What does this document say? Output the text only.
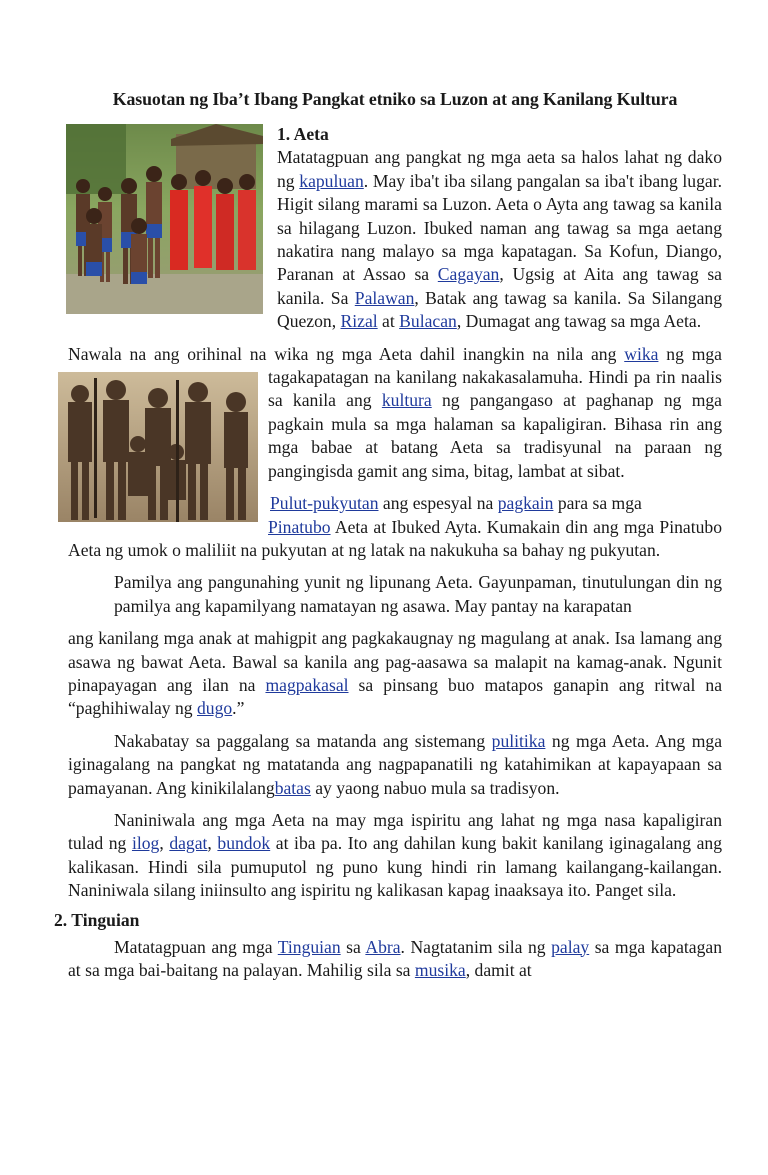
Kasuotan ng Iba’t Ibang Pangkat etniko sa Luzon at ang Kanilang Kultura
1. Aeta

Matatagpuan ang pangkat ng mga aeta sa halos lahat ng dako ng kapuluan. May iba't iba silang pangalan sa iba't ibang lugar. Higit silang marami sa Luzon. Aeta o Ayta ang tawag sa kanila sa hilagang Luzon. Ibuked naman ang tawag sa mga aetang nakatira nang malayo sa mga kapatagan. Sa Kofun, Diango, Paranan at Assao sa Cagayan, Ugsig at Aita ang tawag sa kanila. Sa Palawan, Batak ang tawag sa kanila. Sa Silangang Quezon, Rizal at Bulacan, Dumagat ang tawag sa mga Aeta.

Nawala na ang orihinal na wika ng mga Aeta dahil inangkin na nila ang wika
ng mga tagakapatagan na kanilang nakakasalamuha. Hindi pa rin naalis sa kanila ang kultura ng pangangaso at paghanap ng mga pagkain mula sa mga halaman sa kapaligiran. Bihasa rin ang mga babae at batang Aeta sa tradisyunal na paraan ng pangingisda gamit ang sima, bitag, lambat at sibat.

Pulut-pukyutan ang espesyal na pagkain para sa mga

Pinatubo Aeta at Ibuked Ayta. Kumakain din ang mga Pinatubo Aeta ng umok o maliliit na pukyutan at ng latak na nakukuha sa bahay ng pukyutan.

Pamilya ang pangunahing yunit ng lipunang Aeta. Gayunpaman, tinutulungan din ng pamilya ang kapamilyang namatayan ng asawa. May pantay na karapatan

ang kanilang mga anak at mahigpit ang pagkakaugnay ng magulang at anak. Isa lamang ang asawa ng bawat Aeta. Bawal sa kanila ang pag-aasawa sa malapit na kamag-anak. Ngunit pinapayagan ang ilan na magpakasal sa pinsang buo matapos ganapin ang ritwal na “paghihiwalay ng dugo.”

Nakabatay sa paggalang sa matanda ang sistemang pulitika ng mga Aeta. Ang mga iginagalang na pangkat ng matatanda ang nagpapanatili ng katahimikan at kapayapaan sa pamayanan. Ang kinikilalangbatas ay yaong nabuo mula sa tradisyon.

Naniniwala ang mga Aeta na may mga ispiritu ang lahat ng mga nasa kapaligiran tulad ng ilog, dagat, bundok at iba pa. Ito ang dahilan kung bakit kanilang iginagalang ang kalikasan. Hindi sila pumuputol ng puno kung hindi rin lamang kailangang-kailangan. Naniniwala silang iniinsulto ang ispiritu ng kalikasan kapag inaaksaya ito. Panget sila.

2. Tinguian

Matatagpuan ang mga Tinguian sa Abra. Nagtatanim sila ng palay sa mga kapatagan at sa mga bai-baitang na palayan. Mahilig sila sa musika, damit at
